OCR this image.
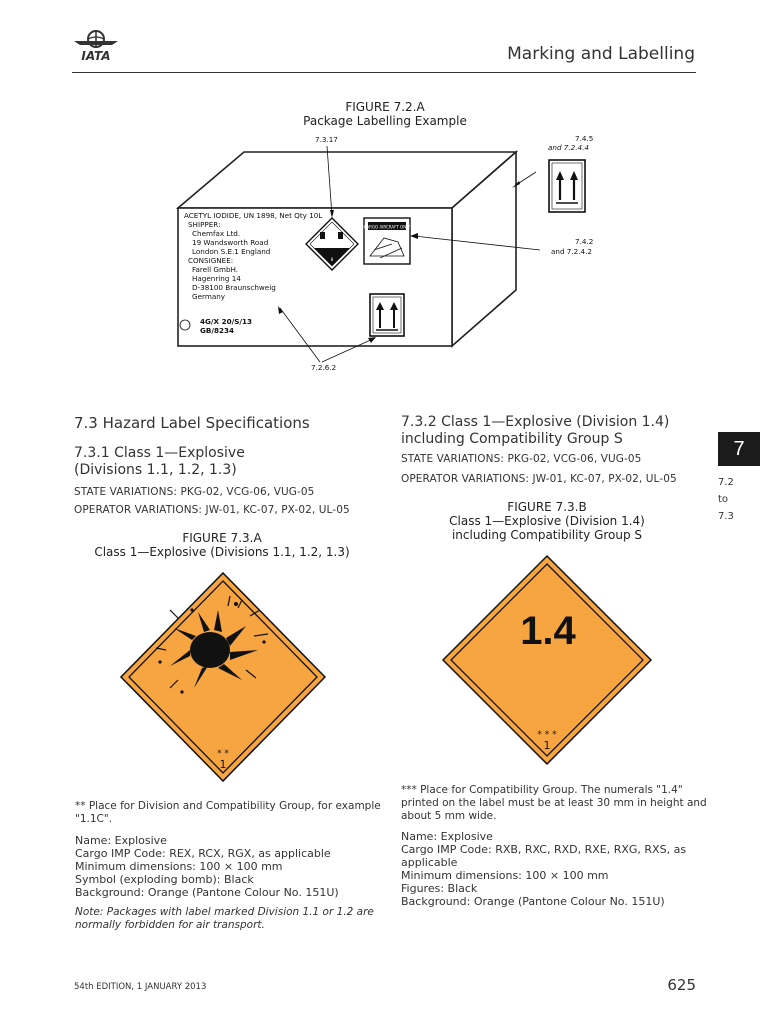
IATA	Marking and Labelling
FIGURE 7.2.A
Package Labelling Example
ACETYL IODIDE, UN 1898, Net Qty 10L
SHIPPER:
Chemfax Ltd.
19 Wandsworth Road
London S.E.1 England
CONSIGNEE:
Farell GmbH.
Hagenring 14
D-38100 Braunschweig
Germany
4G/X 20/S/13
GB/8234
8
CARGO AIRCRAFT ONLY
7.3.17	7.4.5
and 7.2.4.4
7.4.2
and 7.2.4.2
7.2.6.2
7.3 Hazard Label Specifications
7.3.1 Class 1—Explosive
(Divisions 1.1, 1.2, 1.3)
STATE VARIATIONS: PKG-02, VCG-06, VUG-05
OPERATOR VARIATIONS: JW-01, KC-07, PX-02, UL-05
FIGURE 7.3.A
Class 1—Explosive (Divisions 1.1, 1.2, 1.3)
* *
1
** Place for Division and Compatibility Group, for example
"1.1C".
Name: Explosive
Cargo IMP Code: REX, RCX, RGX, as applicable
Minimum dimensions: 100 × 100 mm
Symbol (exploding bomb): Black
Background: Orange (Pantone Colour No. 151U)
Note: Packages with label marked Division 1.1 or 1.2 are
normally forbidden for air transport.
7.3.2 Class 1—Explosive (Division 1.4)
including Compatibility Group S
STATE VARIATIONS: PKG-02, VCG-06, VUG-05
OPERATOR VARIATIONS: JW-01, KC-07, PX-02, UL-05
FIGURE 7.3.B
Class 1—Explosive (Division 1.4)
including Compatibility Group S
1.4
* * *
1
*** Place for Compatibility Group. The numerals "1.4"
printed on the label must be at least 30 mm in height and
about 5 mm wide.
Name: Explosive
Cargo IMP Code: RXB, RXC, RXD, RXE, RXG, RXS, as
applicable
Minimum dimensions: 100 × 100 mm
Figures: Black
Background: Orange (Pantone Colour No. 151U)
7
7.2
to
7.3
54th EDITION, 1 JANUARY 2013	625
